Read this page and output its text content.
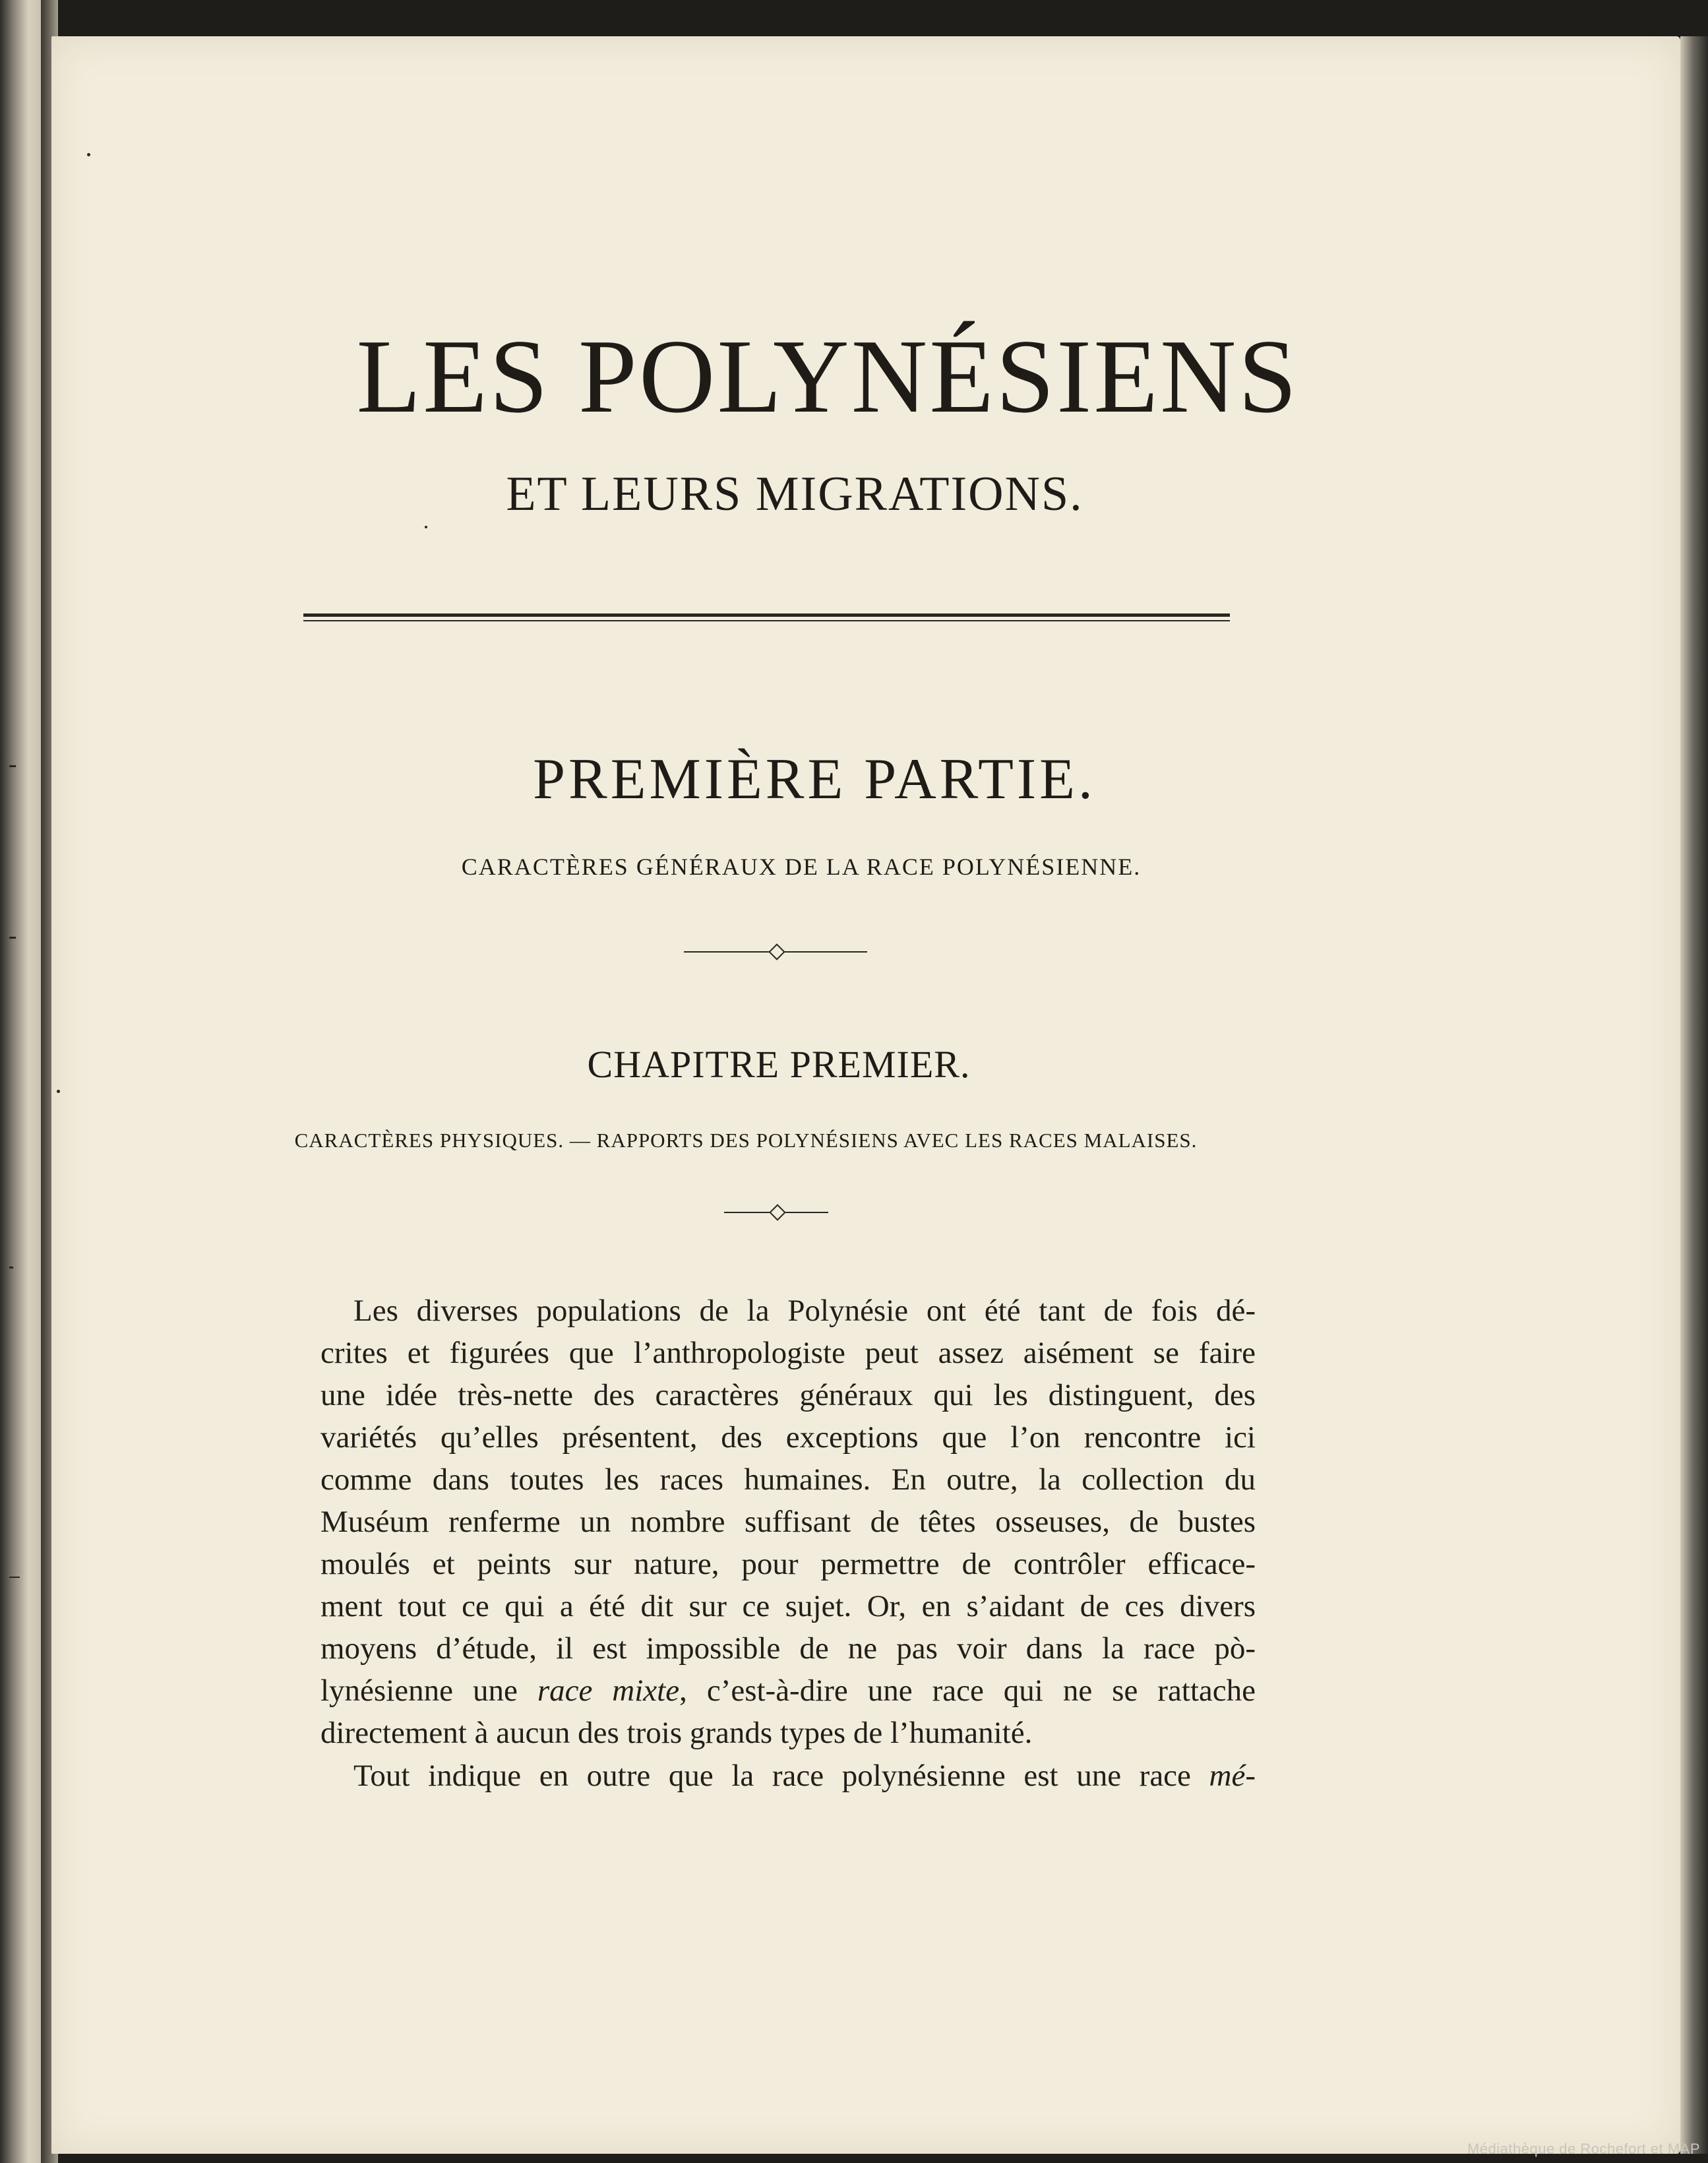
LES POLYNÉSIENS
ET LEURS MIGRATIONS.
PREMIÈRE PARTIE.
CARACTÈRES GÉNÉRAUX DE LA RACE POLYNÉSIENNE.
CHAPITRE PREMIER.
CARACTÈRES PHYSIQUES. — RAPPORTS DES POLYNÉSIENS AVEC LES RACES MALAISES.
Les diverses populations de la Polynésie ont été tant de fois dé-
crites et figurées que l’anthropologiste peut assez aisément se faire
une idée très-nette des caractères généraux qui les distinguent, des
variétés qu’elles présentent, des exceptions que l’on rencontre ici
comme dans toutes les races humaines. En outre, la collection du
Muséum renferme un nombre suffisant de têtes osseuses, de bustes
moulés et peints sur nature, pour permettre de contrôler efficace-
ment tout ce qui a été dit sur ce sujet. Or, en s’aidant de ces divers
moyens d’étude, il est impossible de ne pas voir dans la race pò-
lynésienne une race mixte, c’est-à-dire une race qui ne se rattache
directement à aucun des trois grands types de l’humanité.
Tout indique en outre que la race polynésienne est une race mé-
Médiathèque de Rochefort et MAP
